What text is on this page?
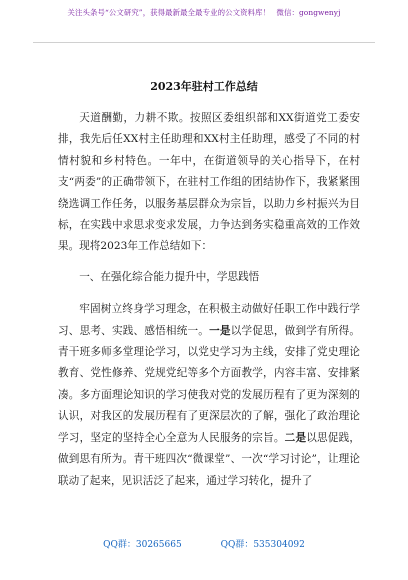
关注头条号“公文研究”，获得最新最全最专业的公文资料库！ 微信：gongwenyj
2023年驻村工作总结

天道酬勤，力耕不欺。按照区委组织部和XX街道党工委安排，我先后任XX村主任助理和XX村主任助理，感受了不同的村情村貌和乡村特色。一年中，在街道领导的关心指导下，在村支“两委”的正确带领下，在驻村工作组的团结协作下，我紧紧围绕选调工作任务，以服务基层群众为宗旨，以助力乡村振兴为目标，在实践中求思求变求发展，力争达到务实稳重高效的工作效果。现将2023年工作总结如下：

一、在强化综合能力提升中，学思践悟

牢固树立终身学习理念，在积极主动做好任职工作中践行学习、思考、实践、感悟相统一。一是以学促思，做到学有所得。青干班多师多堂理论学习，以党史学习为主线，安排了党史理论教育、党性修养、党规党纪等多个方面教学，内容丰富、安排紧凑。多方面理论知识的学习使我对党的发展历程有了更为深刻的认识，对我区的发展历程有了更深层次的了解，强化了政治理论学习，坚定的坚持全心全意为人民服务的宗旨。二是以思促践，做到思有所为。青干班四次“微课堂”、一次“学习讨论”，让理论联动了起来，见识活泛了起来，通过学习转化，提升了

QQ群：30265665	QQ群：535304092
